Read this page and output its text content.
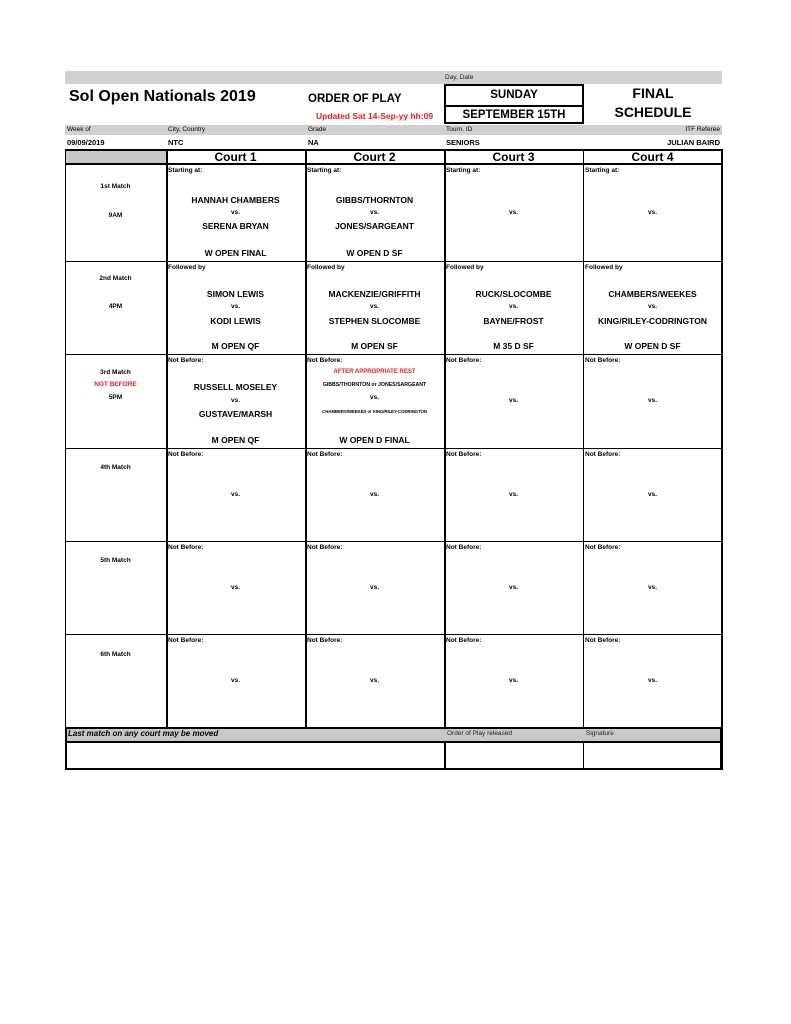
Day, Date
Sol Open Nationals 2019	ORDER OF PLAY
Updated Sat 14-Sep-yy hh:09
SUNDAY
SEPTEMBER 15TH
FINAL
SCHEDULE
Week of	City, Country	Grade	Tourn. ID	ITF Referee
09/09/2019	NTC	NA	SENIORS	JULIAN BAIRD
Court 1	Court 2	Court 3	Court 4
1st Match
9AM
Starting at:
HANNAH CHAMBERS
vs.
SERENA BRYAN
W OPEN FINAL
Starting at:
GIBBS/THORNTON
vs.
JONES/SARGEANT
W OPEN D SF
Starting at:
vs.
Starting at:
vs.
2nd Match
4PM
Followed by
SIMON LEWIS
vs.
KODI LEWIS
M OPEN QF
Followed by
MACKENZIE/GRIFFITH
vs.
STEPHEN SLOCOMBE
M OPEN SF
Followed by
RUCK/SLOCOMBE
vs.
BAYNE/FROST
M 35 D SF
Followed by
CHAMBERS/WEEKES
vs.
KING/RILEY-CODRINGTON
W OPEN D SF
3rd Match
NOT BEFORE
5PM
Not Before:
RUSSELL MOSELEY
vs.
GUSTAVE/MARSH
M OPEN QF
Not Before:
AFTER APPROPRIATE REST
GIBBS/THORNTON or JONES/SARGEANT
vs.
CHAMBERS/WEEKES or KING/RILEY-CODRINGTON
W OPEN D FINAL
Not Before:
vs.
Not Before:
vs.
4th Match
Not Before:
vs.
Not Before:
vs.
Not Before:
vs.
Not Before:
vs.
5th Match
Not Before:
vs.
Not Before:
vs.
Not Before:
vs.
Not Before:
vs.
6th Match
Not Before:
vs.
Not Before:
vs.
Not Before:
vs.
Not Before:
vs.
Last match on any court may be moved	Order of Play released	Signature
